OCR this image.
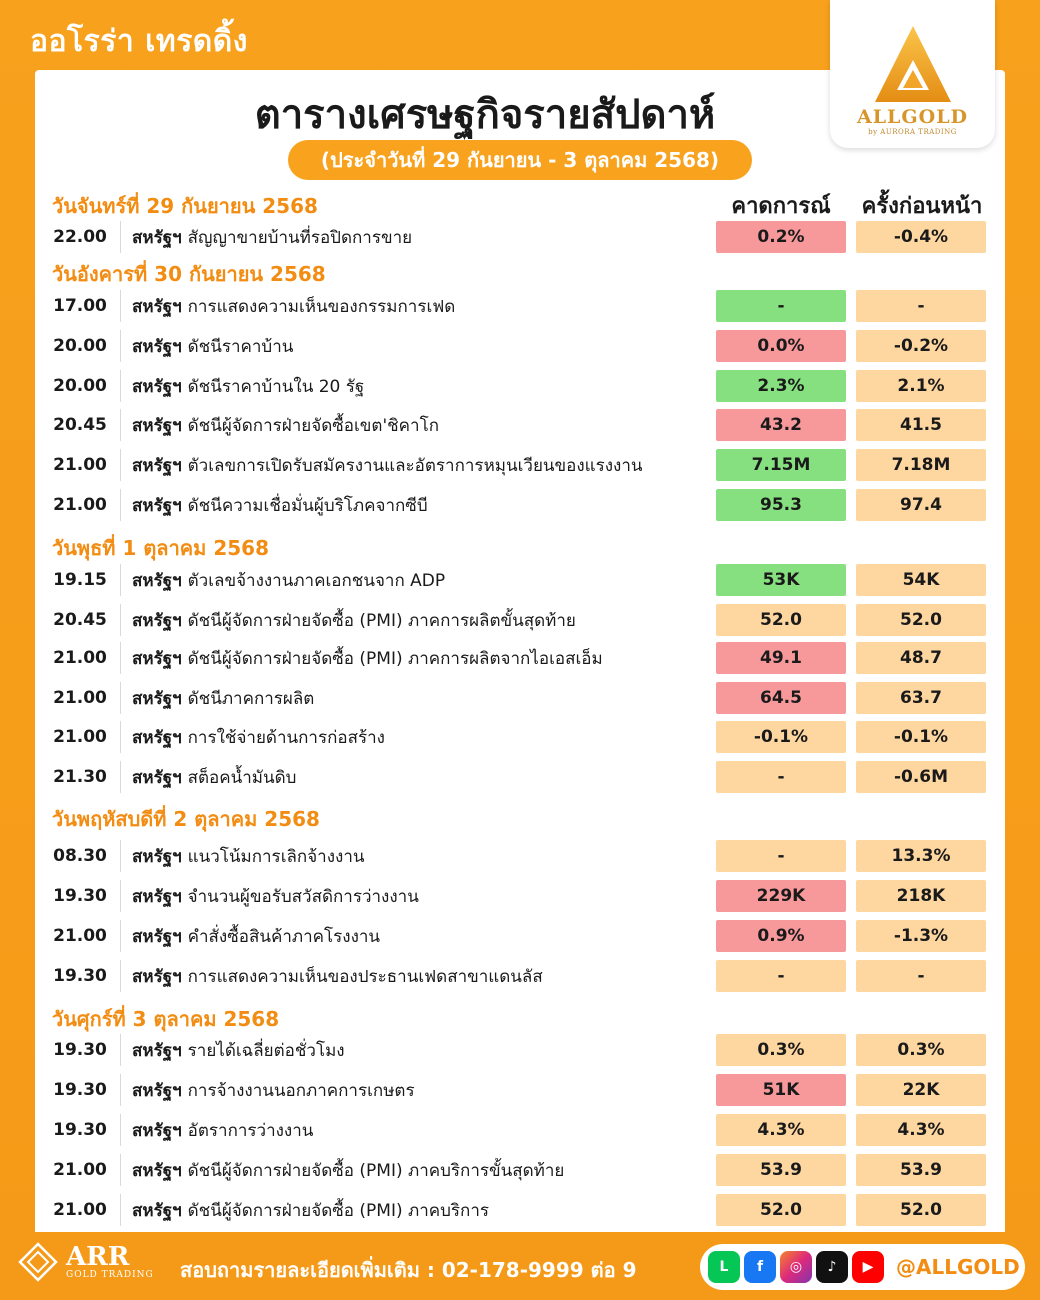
ออโรร่า เทรดดิ้ง
ALLGOLD
by AURORA TRADING
ตารางเศรษฐกิจรายสัปดาห์
(ประจำวันที่ 29 กันยายน - 3 ตุลาคม 2568)
คาดการณ์	ครั้งก่อนหน้า
วันจันทร์ที่ 29 กันยายน 2568
วันอังคารที่ 30 กันยายน 2568
วันพุธที่ 1 ตุลาคม 2568
วันพฤหัสบดีที่ 2 ตุลาคม 2568
วันศุกร์ที่ 3 ตุลาคม 2568
22.00 สหรัฐฯ สัญญาขายบ้านที่รอปิดการขาย	0.2%	-0.4%
17.00 สหรัฐฯ การแสดงความเห็นของกรรมการเฟด	-	-
20.00 สหรัฐฯ ดัชนีราคาบ้าน	0.0%	-0.2%
20.00 สหรัฐฯ ดัชนีราคาบ้านใน 20 รัฐ	2.3%	2.1%
20.45 สหรัฐฯ ดัชนีผู้จัดการฝ่ายจัดซื้อเขต'ชิคาโก	43.2	41.5
21.00 สหรัฐฯ ตัวเลขการเปิดรับสมัครงานและอัตราการหมุนเวียนของแรงงาน	7.15M	7.18M
21.00 สหรัฐฯ ดัชนีความเชื่อมั่นผู้บริโภคจากซีบี	95.3	97.4
19.15 สหรัฐฯ ตัวเลขจ้างงานภาคเอกชนจาก ADP	53K	54K
20.45 สหรัฐฯ ดัชนีผู้จัดการฝ่ายจัดซื้อ (PMI) ภาคการผลิตขั้นสุดท้าย	52.0	52.0
21.00 สหรัฐฯ ดัชนีผู้จัดการฝ่ายจัดซื้อ (PMI) ภาคการผลิตจากไอเอสเอ็ม	49.1	48.7
21.00 สหรัฐฯ ดัชนีภาคการผลิต	64.5	63.7
21.00 สหรัฐฯ การใช้จ่ายด้านการก่อสร้าง	-0.1%	-0.1%
21.30 สหรัฐฯ สต็อคน้ำมันดิบ	-	-0.6M
08.30 สหรัฐฯ แนวโน้มการเลิกจ้างงาน	-	13.3%
19.30 สหรัฐฯ จำนวนผู้ขอรับสวัสดิการว่างงาน	229K	218K
21.00 สหรัฐฯ คำสั่งซื้อสินค้าภาคโรงงาน	0.9%	-1.3%
19.30 สหรัฐฯ การแสดงความเห็นของประธานเฟดสาขาแดนลัส	-	-
19.30 สหรัฐฯ รายได้เฉลี่ยต่อชั่วโมง	0.3%	0.3%
19.30 สหรัฐฯ การจ้างงานนอกภาคการเกษตร	51K	22K
19.30 สหรัฐฯ อัตราการว่างงาน	4.3%	4.3%
21.00 สหรัฐฯ ดัชนีผู้จัดการฝ่ายจัดซื้อ (PMI) ภาคบริการขั้นสุดท้าย	53.9	53.9
21.00 สหรัฐฯ ดัชนีผู้จัดการฝ่ายจัดซื้อ (PMI) ภาคบริการ	52.0	52.0
ARR
GOLD TRADING สอบถามรายละเอียดเพิ่มเติม : 02-178-9999 ต่อ 9	L	f	◎	♪	▶	@ALLGOLD
